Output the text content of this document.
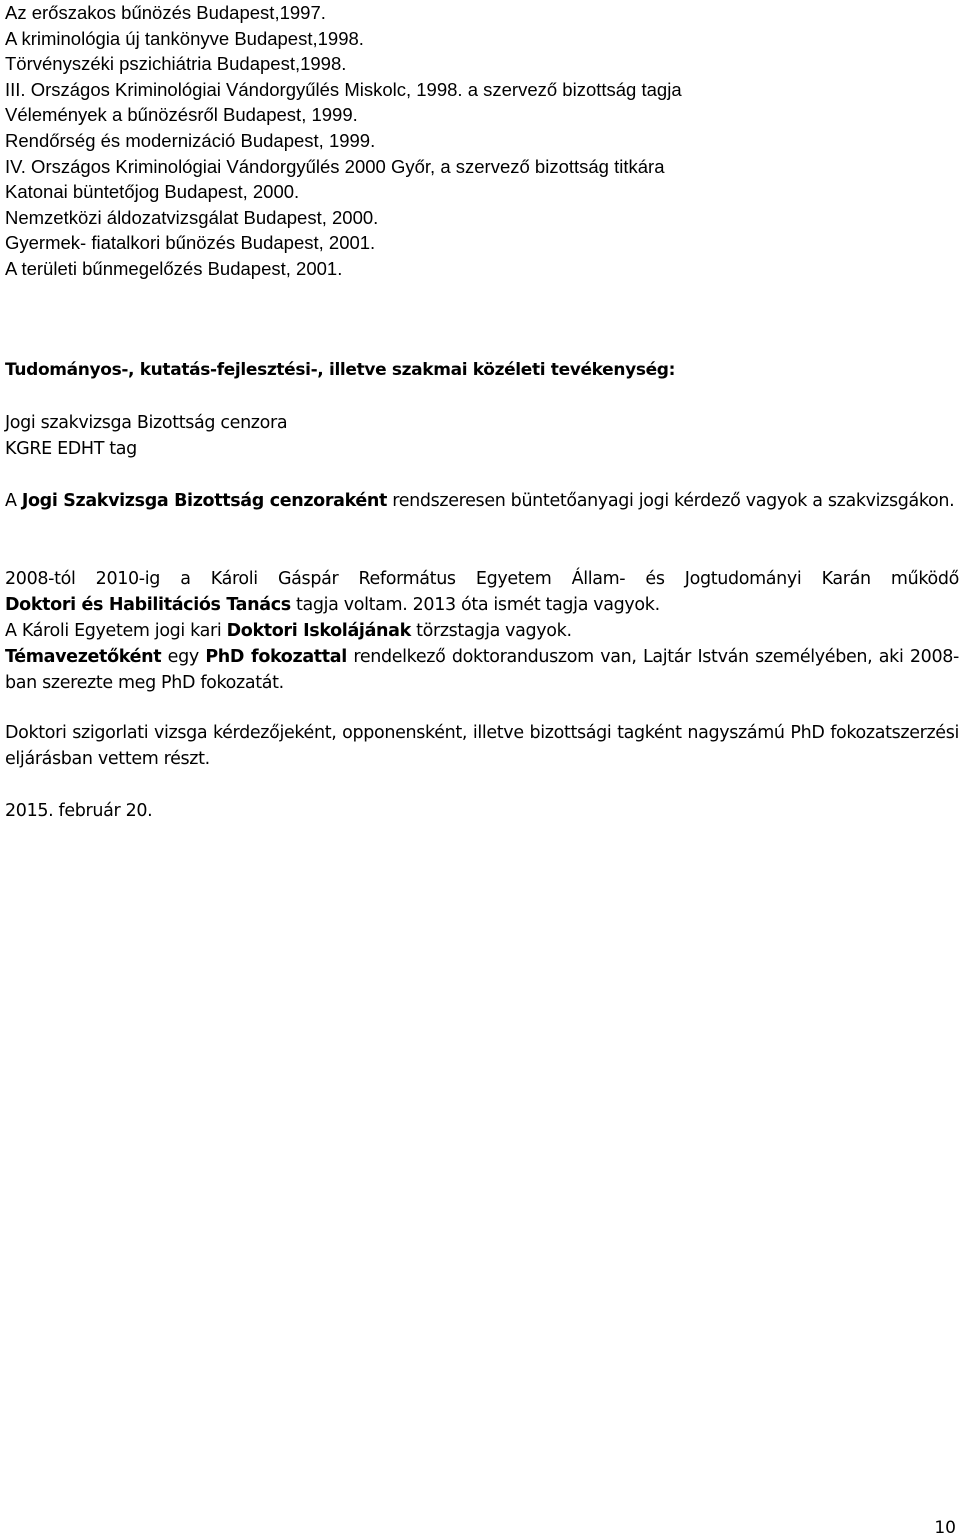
Az erőszakos bűnözés Budapest,1997.
A kriminológia új tankönyve Budapest,1998.
Törvényszéki pszichiátria Budapest,1998.
III. Országos Kriminológiai Vándorgyűlés Miskolc, 1998. a szervező bizottság tagja
Vélemények a bűnözésről Budapest, 1999.
Rendőrség és modernizáció Budapest, 1999.
IV. Országos Kriminológiai Vándorgyűlés 2000 Győr, a szervező bizottság titkára
Katonai büntetőjog Budapest, 2000.
Nemzetközi áldozatvizsgálat Budapest, 2000.
Gyermek- fiatalkori bűnözés Budapest, 2001.
A területi bűnmegelőzés Budapest, 2001.
Tudományos-, kutatás-fejlesztési-, illetve szakmai közéleti tevékenység:

Jogi szakvizsga Bizottság cenzora

KGRE EDHT tag

A Jogi Szakvizsga Bizottság cenzoraként rendszeresen büntetőanyagi jogi kérdező vagyok a szakvizsgákon.

2008-tól 2010-ig a Károli Gáspár Református Egyetem Állam- és Jogtudományi Karán működő

Doktori és Habilitációs Tanács tagja voltam. 2013 óta ismét tagja vagyok.

A Károli Egyetem jogi kari Doktori Iskolájának törzstagja vagyok.

Témavezetőként egy PhD fokozattal rendelkező doktoranduszom van, Lajtár István személyében, aki 2008-ban szerezte meg PhD fokozatát.

Doktori szigorlati vizsga kérdezőjeként, opponensként, illetve bizottsági tagként nagyszámú PhD fokozatszerzési eljárásban vettem részt.

2015. február 20.

10
